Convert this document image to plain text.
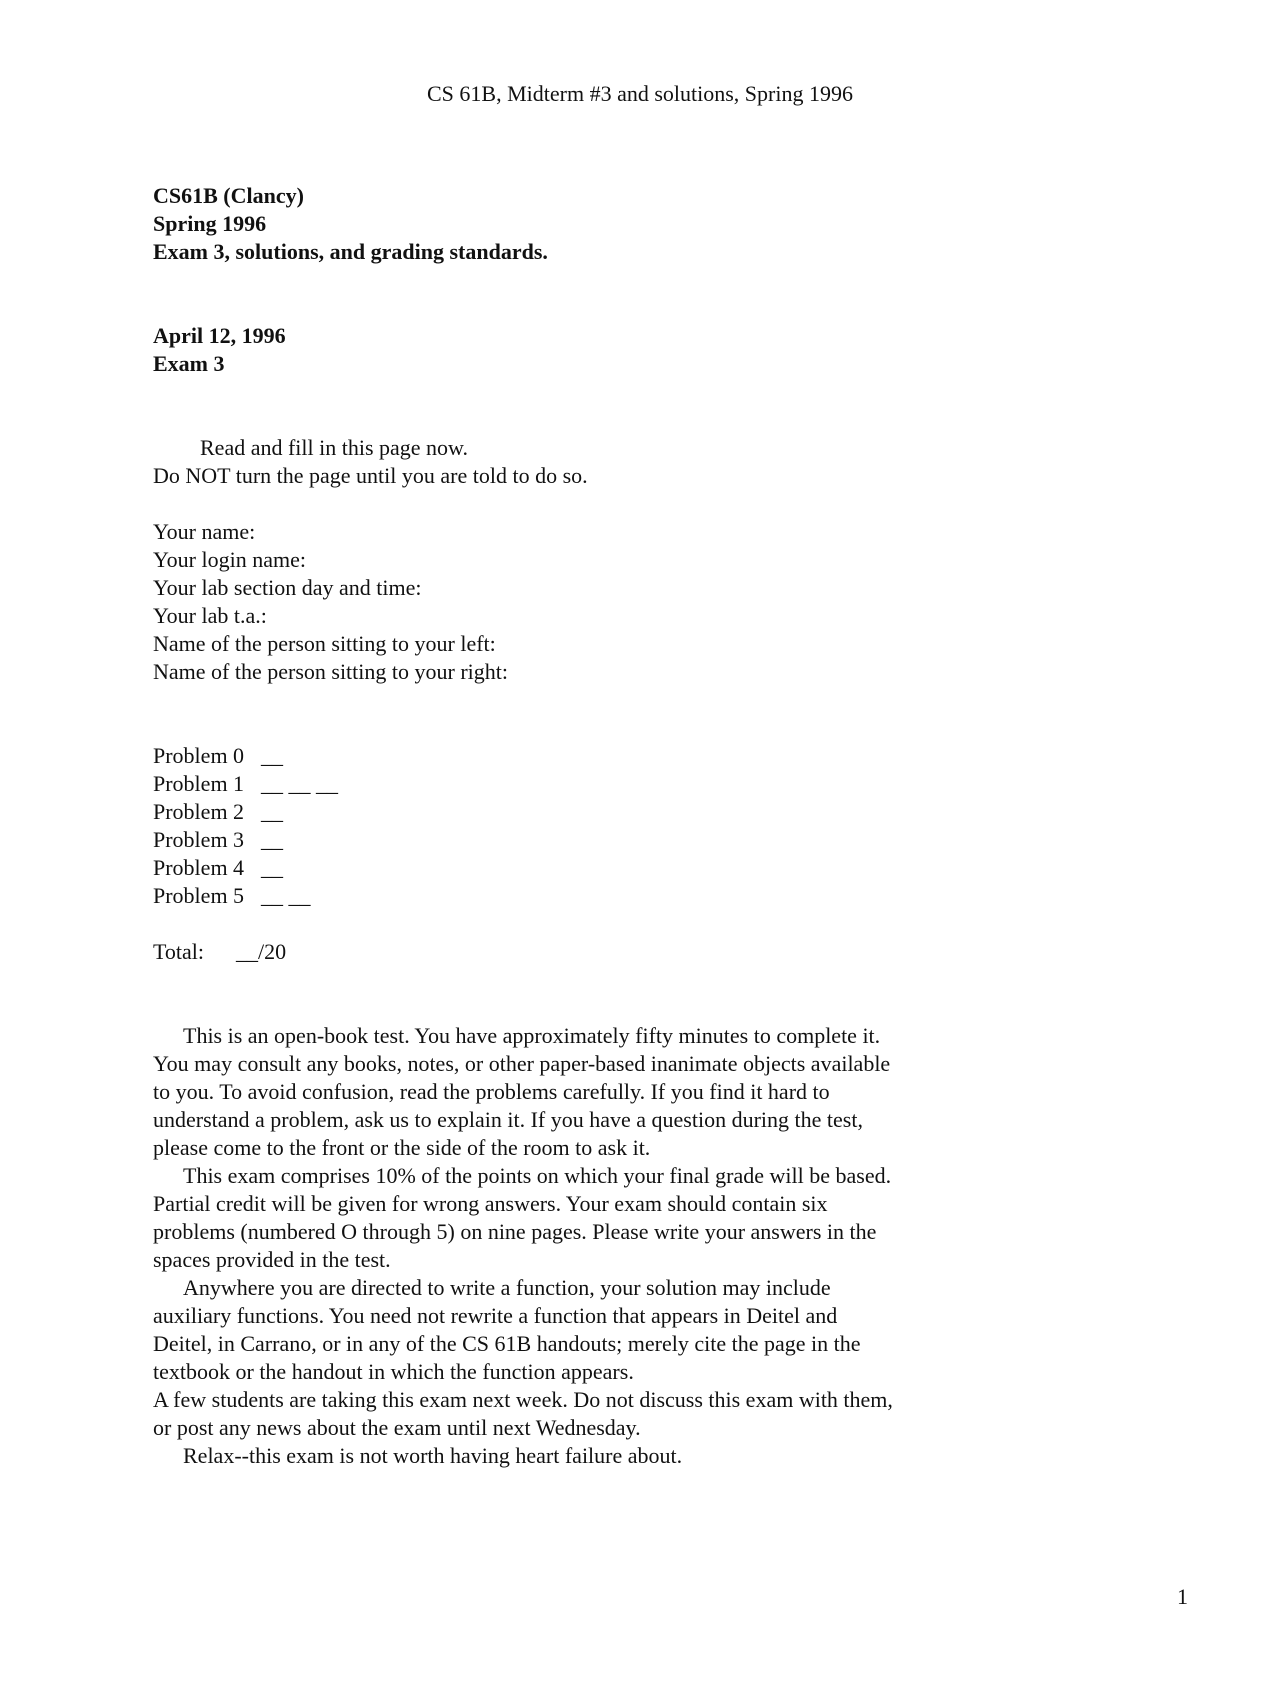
CS 61B, Midterm #3 and solutions, Spring 1996
CS61B (Clancy)
Spring 1996
Exam 3, solutions, and grading standards.
April 12, 1996
Exam 3
Read and fill in this page now.
Do NOT turn the page until you are told to do so.
Your name:
Your login name:
Your lab section day and time:
Your lab t.a.:
Name of the person sitting to your left:
Name of the person sitting to your right:
Problem 0 __
Problem 1 __ __ __
Problem 2 __
Problem 3 __
Problem 4 __
Problem 5 __ __
Total:	__/20
This is an open-book test. You have approximately fifty minutes to complete it. You may consult any books, notes, or other paper-based inanimate objects available to you. To avoid confusion, read the problems carefully. If you find it hard to understand a problem, ask us to explain it. If you have a question during the test, please come to the front or the side of the room to ask it.
This exam comprises 10% of the points on which your final grade will be based. Partial credit will be given for wrong answers. Your exam should contain six problems (numbered O through 5) on nine pages. Please write your answers in the spaces provided in the test.
Anywhere you are directed to write a function, your solution may include auxiliary functions. You need not rewrite a function that appears in Deitel and Deitel, in Carrano, or in any of the CS 61B handouts; merely cite the page in the textbook or the handout in which the function appears.
A few students are taking this exam next week. Do not discuss this exam with them, or post any news about the exam until next Wednesday.
Relax--this exam is not worth having heart failure about.
1
